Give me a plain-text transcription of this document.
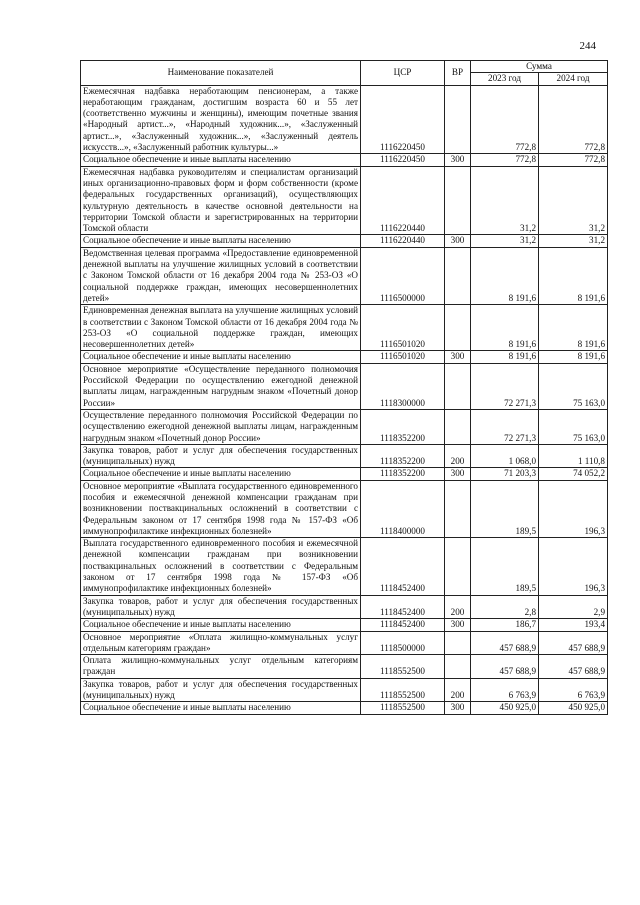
244
Наименование показателей	ЦСР	ВР	Сумма	
			2023 год	2024 год
Ежемесячная надбавка неработающим пенсионерам, а также неработающим гражданам, достигшим возраста 60 и 55 лет (соответственно мужчины и женщины), имеющим почетные звания «Народный артист...», «Народный художник...», «Заслуженный артист...», «Заслуженный художник...», «Заслуженный деятель искусств...», «Заслуженный работник культуры...»	1116220450		772,8	772,8
Социальное обеспечение и иные выплаты населению	1116220450	300	772,8	772,8
Ежемесячная надбавка руководителям и специалистам организаций иных организационно-правовых форм и форм собственности (кроме федеральных государственных организаций), осуществляющих культурную деятельность в качестве основной деятельности на территории Томской области и зарегистрированных на территории Томской области	1116220440		31,2	31,2
Социальное обеспечение и иные выплаты населению	1116220440	300	31,2	31,2
Ведомственная целевая программа «Предоставление единовременной денежной выплаты на улучшение жилищных условий в соответствии с Законом Томской области от 16 декабря 2004 года № 253-ОЗ «О социальной поддержке граждан, имеющих несовершеннолетних детей»	1116500000		8 191,6	8 191,6
Единовременная денежная выплата на улучшение жилищных условий в соответствии с Законом Томской области от 16 декабря 2004 года № 253-ОЗ «О социальной поддержке граждан, имеющих несовершеннолетних детей»	1116501020		8 191,6	8 191,6
Социальное обеспечение и иные выплаты населению	1116501020	300	8 191,6	8 191,6
Основное мероприятие «Осуществление переданного полномочия Российской Федерации по осуществлению ежегодной денежной выплаты лицам, награжденным нагрудным знаком «Почетный донор России»	1118300000		72 271,3	75 163,0
Осуществление переданного полномочия Российской Федерации по осуществлению ежегодной денежной выплаты лицам, награжденным нагрудным знаком «Почетный донор России»	1118352200		72 271,3	75 163,0
Закупка товаров, работ и услуг для обеспечения государственных (муниципальных) нужд	1118352200	200	1 068,0	1 110,8
Социальное обеспечение и иные выплаты населению	1118352200	300	71 203,3	74 052,2
Основное мероприятие «Выплата государственного единовременного пособия и ежемесячной денежной компенсации гражданам при возникновении поствакцинальных осложнений в соответствии с Федеральным законом от 17 сентября 1998 года № 157-ФЗ «Об иммунопрофилактике инфекционных болезней»	1118400000		189,5	196,3
Выплата государственного единовременного пособия и ежемесячной денежной компенсации гражданам при возникновении поствакцинальных осложнений в соответствии с Федеральным законом от 17 сентября 1998 года № 157-ФЗ «Об иммунопрофилактике инфекционных болезней»	1118452400		189,5	196,3
Закупка товаров, работ и услуг для обеспечения государственных (муниципальных) нужд	1118452400	200	2,8	2,9
Социальное обеспечение и иные выплаты населению	1118452400	300	186,7	193,4
Основное мероприятие «Оплата жилищно-коммунальных услуг отдельным категориям граждан»	1118500000		457 688,9	457 688,9
Оплата жилищно-коммунальных услуг отдельным категориям граждан	1118552500		457 688,9	457 688,9
Закупка товаров, работ и услуг для обеспечения государственных (муниципальных) нужд	1118552500	200	6 763,9	6 763,9
Социальное обеспечение и иные выплаты населению	1118552500	300	450 925,0	450 925,0
